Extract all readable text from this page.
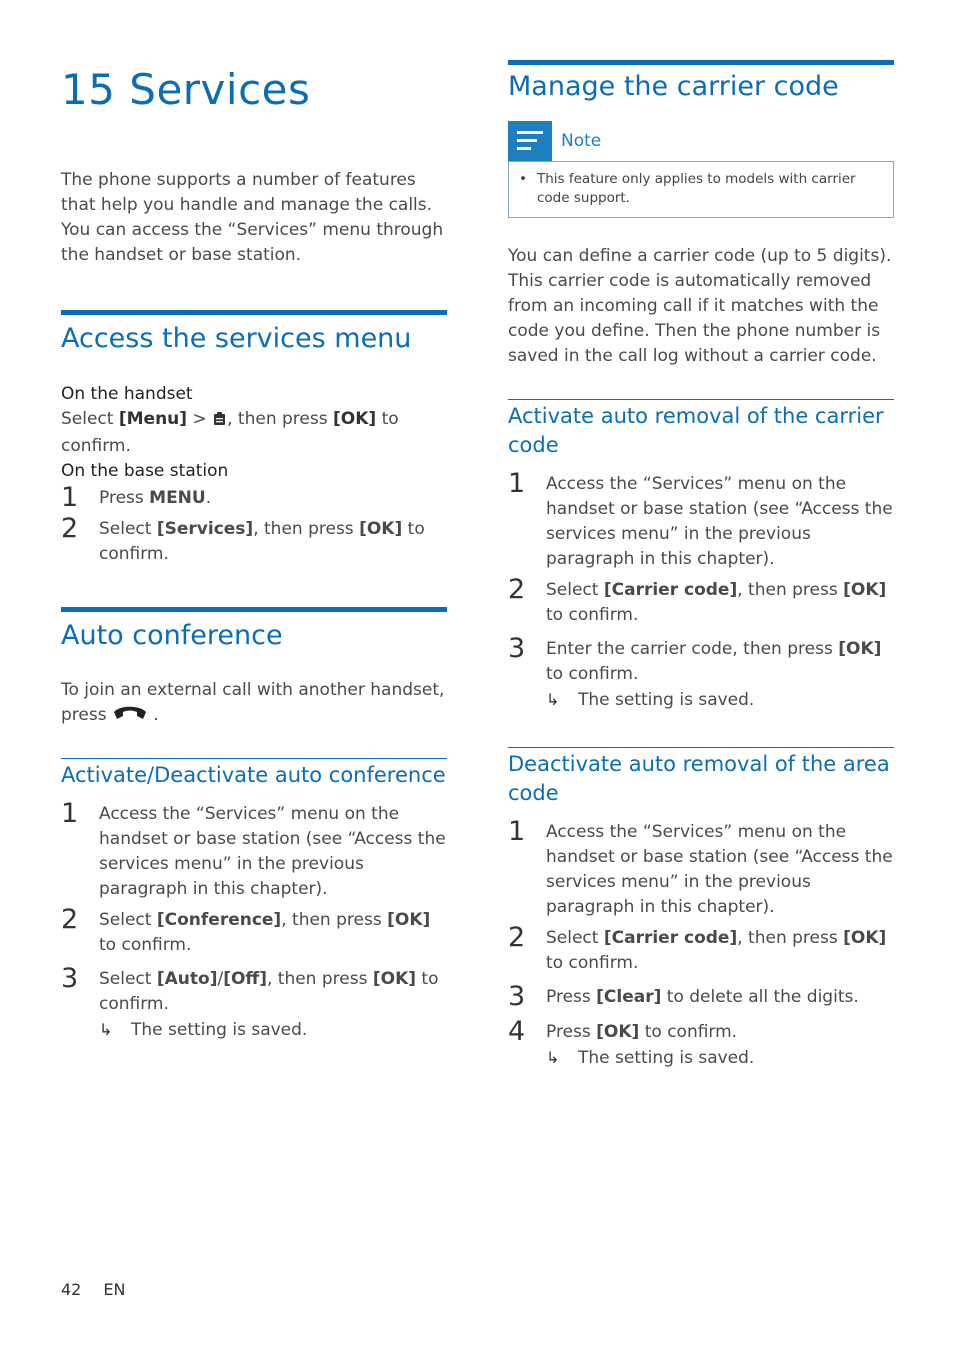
15 Services

The phone supports a number of features that help you handle and manage the calls. You can access the “Services” menu through the handset or base station.

Access the services menu
On the handset

Select [Menu] > , then press [OK] to confirm.

On the base station
1	Press MENU.
2	Select [Services], then press [OK] to confirm.
Auto conference

To join an external call with another handset, press	.

Activate/Deactivate auto conference
1	Access the “Services” menu on the handset or base station (see “Access the services menu” in the previous paragraph in this chapter).
2	Select [Conference], then press [OK] to confirm.
3	Select [Auto]/[Off], then press [OK] to confirm.
↳	The setting is saved.
Manage the carrier code
Note
• This feature only applies to models with carrier code support.

You can define a carrier code (up to 5 digits). This carrier code is automatically removed from an incoming call if it matches with the code you define. Then the phone number is saved in the call log without a carrier code.

Activate auto removal of the carrier code
1	Access the “Services” menu on the handset or base station (see “Access the services menu” in the previous paragraph in this chapter).
2	Select [Carrier code], then press [OK] to confirm.
3	Enter the carrier code, then press [OK] to confirm.
↳	The setting is saved.
Deactivate auto removal of the area code
1	Access the “Services” menu on the handset or base station (see “Access the services menu” in the previous paragraph in this chapter).
2	Select [Carrier code], then press [OK] to confirm.
3	Press [Clear] to delete all the digits.
4	Press [OK] to confirm.
↳	The setting is saved.
42 EN
